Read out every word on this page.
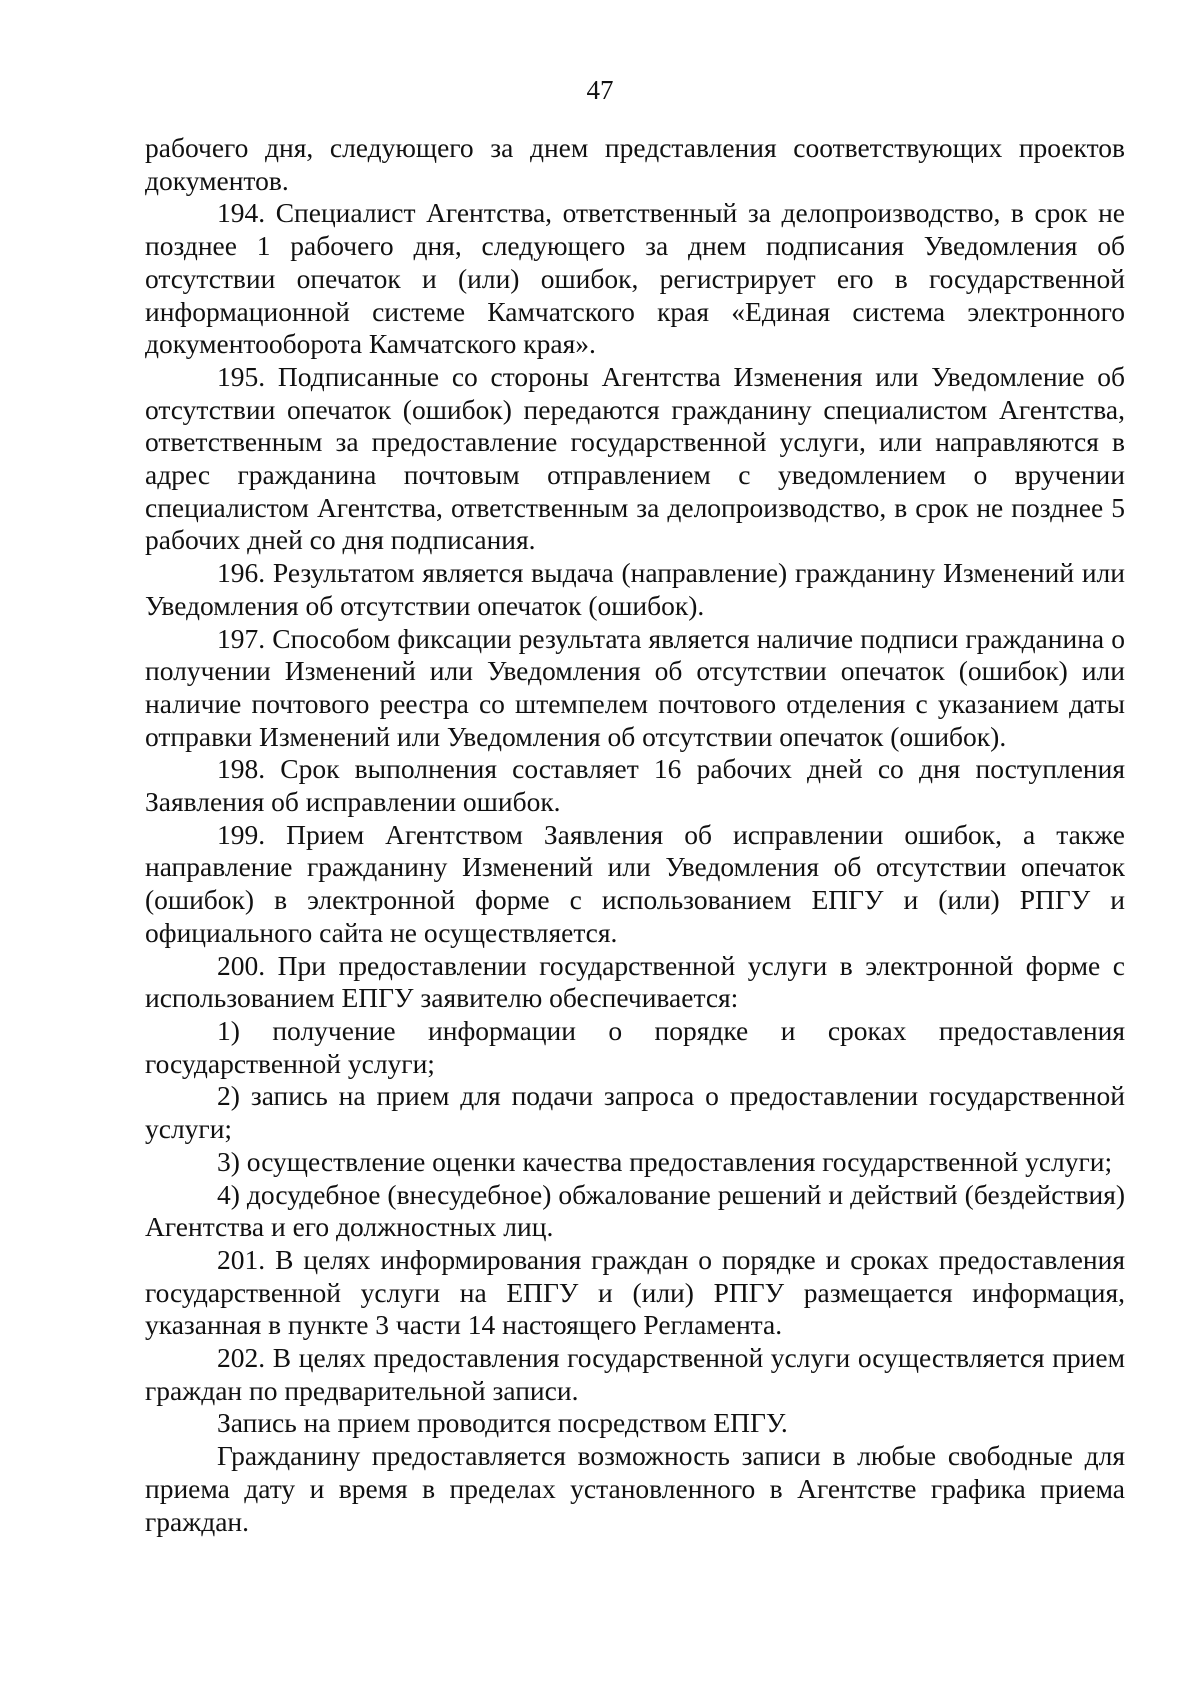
47

рабочего дня, следующего за днем представления соответствующих проектов документов.

194. Специалист Агентства, ответственный за делопроизводство, в срок не позднее 1 рабочего дня, следующего за днем подписания Уведомления об отсутствии опечаток и (или) ошибок, регистрирует его в государственной информационной системе Камчатского края «Единая система электронного документооборота Камчатского края».

195. Подписанные со стороны Агентства Изменения или Уведомление об отсутствии опечаток (ошибок) передаются гражданину специалистом Агентства, ответственным за предоставление государственной услуги, или направляются в адрес гражданина почтовым отправлением с уведомлением о вручении специалистом Агентства, ответственным за делопроизводство, в срок не позднее 5 рабочих дней со дня подписания.

196. Результатом является выдача (направление) гражданину Изменений или Уведомления об отсутствии опечаток (ошибок).

197. Способом фиксации результата является наличие подписи гражданина о получении Изменений или Уведомления об отсутствии опечаток (ошибок) или наличие почтового реестра со штемпелем почтового отделения с указанием даты отправки Изменений или Уведомления об отсутствии опечаток (ошибок).

198. Срок выполнения составляет 16 рабочих дней со дня поступления Заявления об исправлении ошибок.

199. Прием Агентством Заявления об исправлении ошибок, а также направление гражданину Изменений или Уведомления об отсутствии опечаток (ошибок) в электронной форме с использованием ЕПГУ и (или) РПГУ и официального сайта не осуществляется.

200. При предоставлении государственной услуги в электронной форме с использованием ЕПГУ заявителю обеспечивается:

1) получение информации о порядке и сроках предоставления государственной услуги;

2) запись на прием для подачи запроса о предоставлении государственной услуги;

3) осуществление оценки качества предоставления государственной услуги;

4) досудебное (внесудебное) обжалование решений и действий (бездействия) Агентства и его должностных лиц.

201. В целях информирования граждан о порядке и сроках предоставления государственной услуги на ЕПГУ и (или) РПГУ размещается информация, указанная в пункте 3 части 14 настоящего Регламента.

202. В целях предоставления государственной услуги осуществляется прием граждан по предварительной записи.

Запись на прием проводится посредством ЕПГУ.

Гражданину предоставляется возможность записи в любые свободные для приема дату и время в пределах установленного в Агентстве графика приема граждан.
